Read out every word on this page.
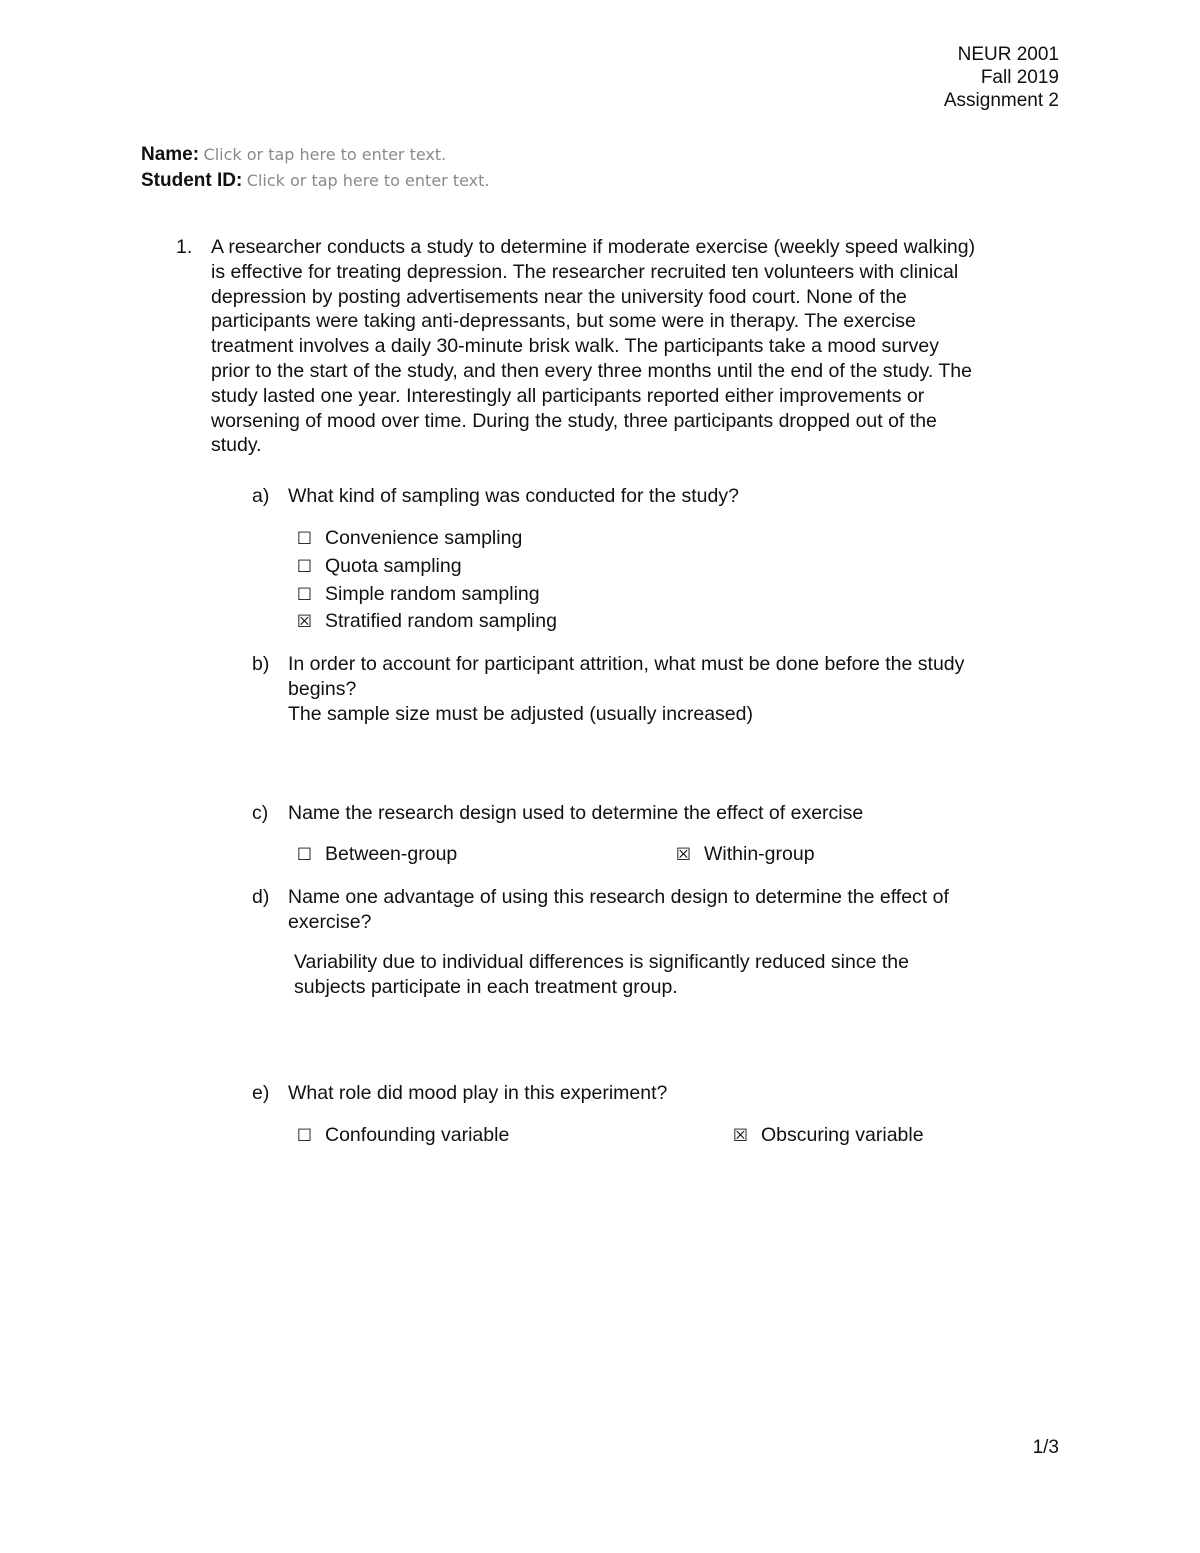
NEUR 2001
Fall 2019
Assignment 2
Name: Click or tap here to enter text.
Student ID: Click or tap here to enter text.
1. A researcher conducts a study to determine if moderate exercise (weekly speed walking)
is effective for treating depression. The researcher recruited ten volunteers with clinical
depression by posting advertisements near the university food court. None of the
participants were taking anti-depressants, but some were in therapy. The exercise
treatment involves a daily 30-minute brisk walk. The participants take a mood survey
prior to the start of the study, and then every three months until the end of the study. The
study lasted one year. Interestingly all participants reported either improvements or
worsening of mood over time. During the study, three participants dropped out of the
study.
a) What kind of sampling was conducted for the study?
☐ Convenience sampling
☐ Quota sampling
☐ Simple random sampling
☒ Stratified random sampling
b) In order to account for participant attrition, what must be done before the study
begins?
The sample size must be adjusted (usually increased)
c) Name the research design used to determine the effect of exercise
☐ Between-group	☒ Within-group
d) Name one advantage of using this research design to determine the effect of
exercise?
Variability due to individual differences is significantly reduced since the
subjects participate in each treatment group.
e) What role did mood play in this experiment?
☐ Confounding variable	☒ Obscuring variable
1/3
